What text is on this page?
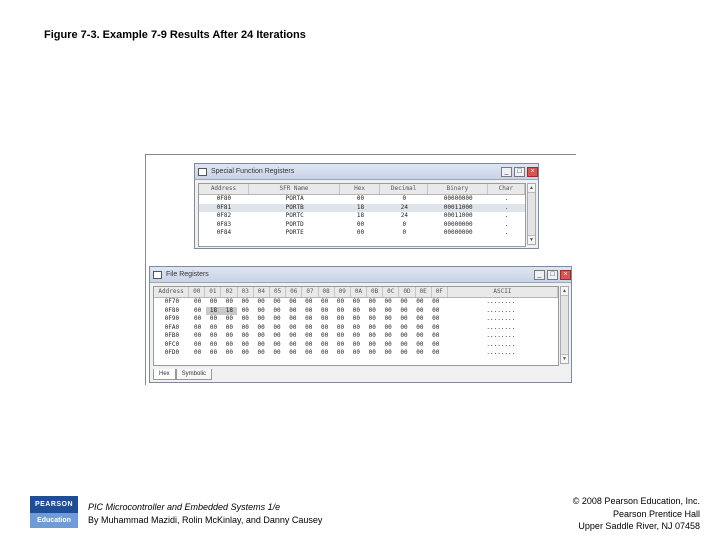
Figure 7-3. Example 7-9 Results After 24 Iterations
Special Function Registers	_	□	×
Address	SFR Name	Hex	Decimal	Binary	Char
0F80	PORTA	00	0	00000000	.
0F81	PORTB	18	24	00011000	.
0F82	PORTC	18	24	00011000	.
0F83	PORTD	00	0	00000000	.
0F84	PORTE	00	0	00000000	.
▲
▼
File Registers	_	□	×
Address	00	01	02	03	04	05	06	07	08	09	0A	0B	0C	0D	0E	0F	ASCII
0F70	00	00	00	00	00	00	00	00	00	00	00	00	00	00	00	00	........
0F80	00	18	18	00	00	00	00	00	00	00	00	00	00	00	00	00	........
0F90	00	00	00	00	00	00	00	00	00	00	00	00	00	00	00	00	........
0FA0	00	00	00	00	00	00	00	00	00	00	00	00	00	00	00	00	........
0FB0	00	00	00	00	00	00	00	00	00	00	00	00	00	00	00	00	........
0FC0	00	00	00	00	00	00	00	00	00	00	00	00	00	00	00	00	........
0FD0	00	00	00	00	00	00	00	00	00	00	00	00	00	00	00	00	........
▲
▼
Hex	Symbolic
PEARSON
Education
PIC Microcontroller and Embedded Systems 1/e
By Muhammad Mazidi, Rolin McKinlay, and Danny Causey
© 2008 Pearson Education, Inc.
Pearson Prentice Hall
Upper Saddle River, NJ 07458
